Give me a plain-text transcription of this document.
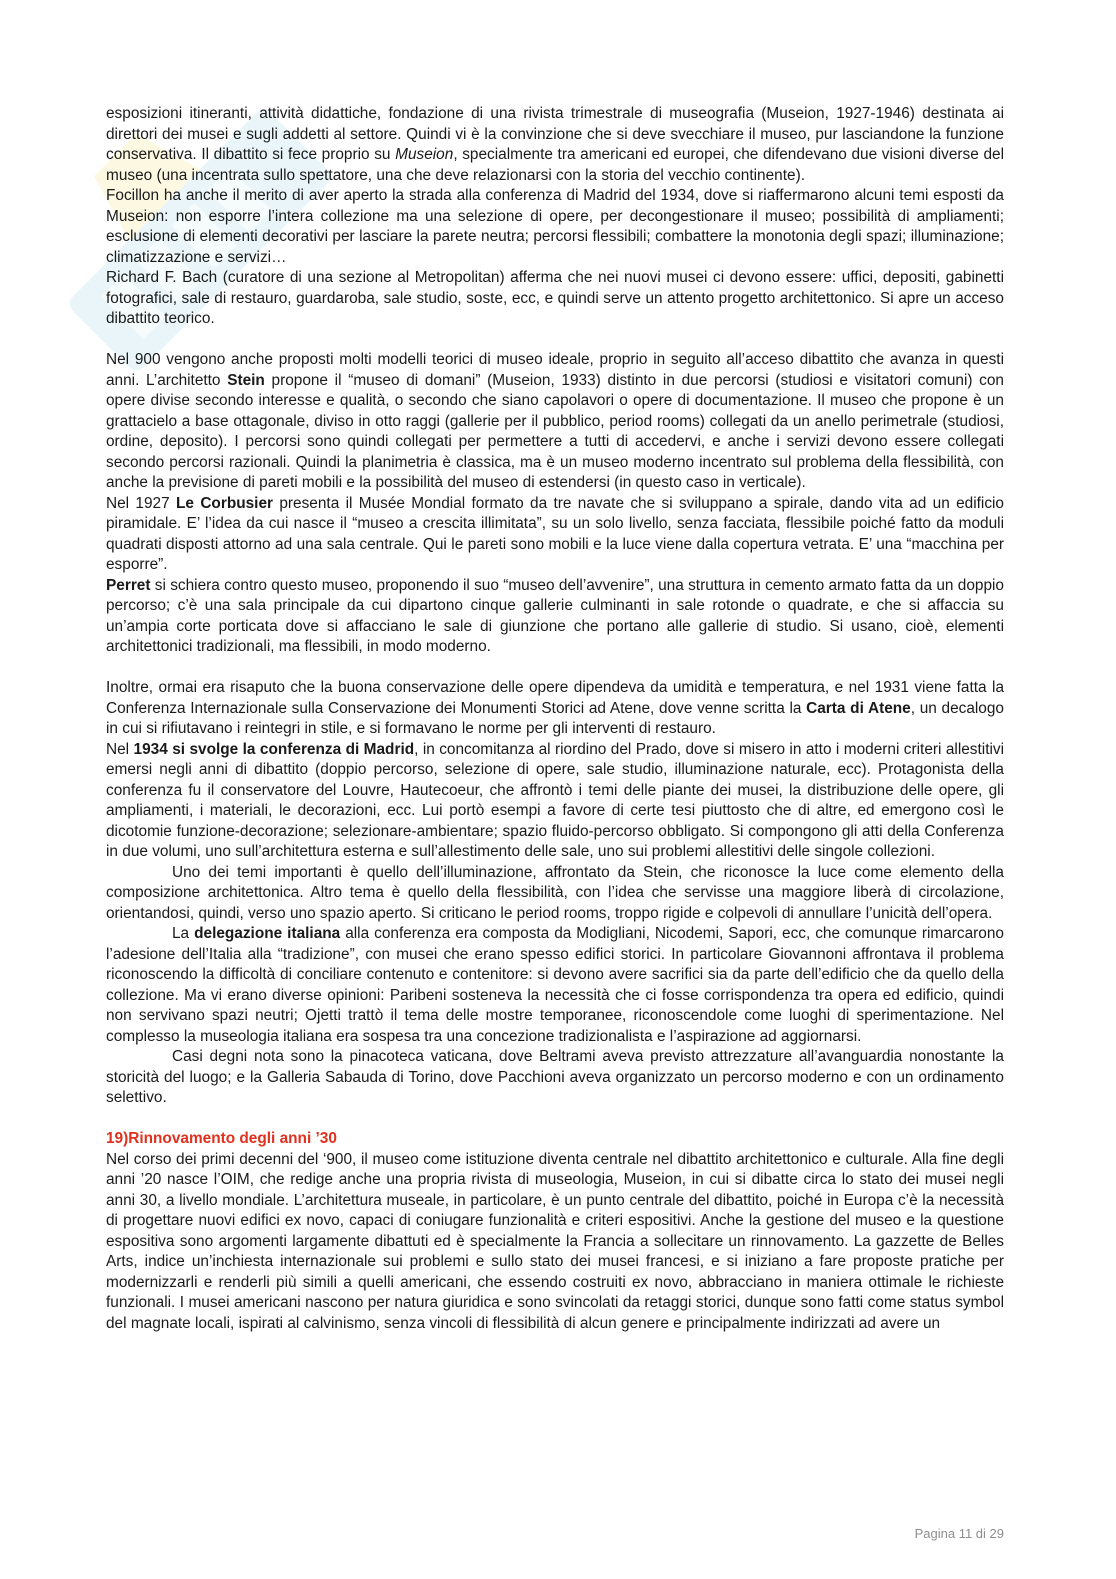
esposizioni itineranti, attività didattiche, fondazione di una rivista trimestrale di museografia (Museion, 1927-1946) destinata ai direttori dei musei e sugli addetti al settore. Quindi vi è la convinzione che si deve svecchiare il museo, pur lasciandone la funzione conservativa. Il dibattito si fece proprio su Museion, specialmente tra americani ed europei, che difendevano due visioni diverse del museo (una incentrata sullo spettatore, una che deve relazionarsi con la storia del vecchio continente).

Focillon ha anche il merito di aver aperto la strada alla conferenza di Madrid del 1934, dove si riaffermarono alcuni temi esposti da Museion: non esporre l’intera collezione ma una selezione di opere, per decongestionare il museo; possibilità di ampliamenti; esclusione di elementi decorativi per lasciare la parete neutra; percorsi flessibili; combattere la monotonia degli spazi; illuminazione; climatizzazione e servizi…

Richard F. Bach (curatore di una sezione al Metropolitan) afferma che nei nuovi musei ci devono essere: uffici, depositi, gabinetti fotografici, sale di restauro, guardaroba, sale studio, soste, ecc, e quindi serve un attento progetto architettonico. Si apre un acceso dibattito teorico.

Nel 900 vengono anche proposti molti modelli teorici di museo ideale, proprio in seguito all’acceso dibattito che avanza in questi anni. L’architetto Stein propone il “museo di domani” (Museion, 1933) distinto in due percorsi (studiosi e visitatori comuni) con opere divise secondo interesse e qualità, o secondo che siano capolavori o opere di documentazione. Il museo che propone è un grattacielo a base ottagonale, diviso in otto raggi (gallerie per il pubblico, period rooms) collegati da un anello perimetrale (studiosi, ordine, deposito). I percorsi sono quindi collegati per permettere a tutti di accedervi, e anche i servizi devono essere collegati secondo percorsi razionali. Quindi la planimetria è classica, ma è un museo moderno incentrato sul problema della flessibilità, con anche la previsione di pareti mobili e la possibilità del museo di estendersi (in questo caso in verticale).

Nel 1927 Le Corbusier presenta il Musée Mondial formato da tre navate che si sviluppano a spirale, dando vita ad un edificio piramidale. E’ l’idea da cui nasce il “museo a crescita illimitata”, su un solo livello, senza facciata, flessibile poiché fatto da moduli quadrati disposti attorno ad una sala centrale. Qui le pareti sono mobili e la luce viene dalla copertura vetrata. E’ una “macchina per esporre”.

Perret si schiera contro questo museo, proponendo il suo “museo dell’avvenire”, una struttura in cemento armato fatta da un doppio percorso; c’è una sala principale da cui dipartono cinque gallerie culminanti in sale rotonde o quadrate, e che si affaccia su un’ampia corte porticata dove si affacciano le sale di giunzione che portano alle gallerie di studio. Si usano, cioè, elementi architettonici tradizionali, ma flessibili, in modo moderno.

Inoltre, ormai era risaputo che la buona conservazione delle opere dipendeva da umidità e temperatura, e nel 1931 viene fatta la Conferenza Internazionale sulla Conservazione dei Monumenti Storici ad Atene, dove venne scritta la Carta di Atene, un decalogo in cui si rifiutavano i reintegri in stile, e si formavano le norme per gli interventi di restauro.

Nel 1934 si svolge la conferenza di Madrid, in concomitanza al riordino del Prado, dove si misero in atto i moderni criteri allestitivi emersi negli anni di dibattito (doppio percorso, selezione di opere, sale studio, illuminazione naturale, ecc). Protagonista della conferenza fu il conservatore del Louvre, Hautecoeur, che affrontò i temi delle piante dei musei, la distribuzione delle opere, gli ampliamenti, i materiali, le decorazioni, ecc. Lui portò esempi a favore di certe tesi piuttosto che di altre, ed emergono così le dicotomie funzione-decorazione; selezionare-ambientare; spazio fluido-percorso obbligato. Si compongono gli atti della Conferenza in due volumi, uno sull’architettura esterna e sull’allestimento delle sale, uno sui problemi allestitivi delle singole collezioni.

Uno dei temi importanti è quello dell’illuminazione, affrontato da Stein, che riconosce la luce come elemento della composizione architettonica. Altro tema è quello della flessibilità, con l’idea che servisse una maggiore liberà di circolazione, orientandosi, quindi, verso uno spazio aperto. Si criticano le period rooms, troppo rigide e colpevoli di annullare l’unicità dell’opera.

La delegazione italiana alla conferenza era composta da Modigliani, Nicodemi, Sapori, ecc, che comunque rimarcarono l’adesione dell’Italia alla “tradizione”, con musei che erano spesso edifici storici. In particolare Giovannoni affrontava il problema riconoscendo la difficoltà di conciliare contenuto e contenitore: si devono avere sacrifici sia da parte dell’edificio che da quello della collezione. Ma vi erano diverse opinioni: Paribeni sosteneva la necessità che ci fosse corrispondenza tra opera ed edificio, quindi non servivano spazi neutri; Ojetti trattò il tema delle mostre temporanee, riconoscendole come luoghi di sperimentazione. Nel complesso la museologia italiana era sospesa tra una concezione tradizionalista e l’aspirazione ad aggiornarsi.

Casi degni nota sono la pinacoteca vaticana, dove Beltrami aveva previsto attrezzature all’avanguardia nonostante la storicità del luogo; e la Galleria Sabauda di Torino, dove Pacchioni aveva organizzato un percorso moderno e con un ordinamento selettivo.

19)Rinnovamento degli anni ’30

Nel corso dei primi decenni del ‘900, il museo come istituzione diventa centrale nel dibattito architettonico e culturale. Alla fine degli anni ’20 nasce l’OIM, che redige anche una propria rivista di museologia, Museion, in cui si dibatte circa lo stato dei musei negli anni 30, a livello mondiale. L’architettura museale, in particolare, è un punto centrale del dibattito, poiché in Europa c’è la necessità di progettare nuovi edifici ex novo, capaci di coniugare funzionalità e criteri espositivi. Anche la gestione del museo e la questione espositiva sono argomenti largamente dibattuti ed è specialmente la Francia a sollecitare un rinnovamento. La gazzette de Belles Arts, indice un’inchiesta internazionale sui problemi e sullo stato dei musei francesi, e si iniziano a fare proposte pratiche per modernizzarli e renderli più simili a quelli americani, che essendo costruiti ex novo, abbracciano in maniera ottimale le richieste funzionali. I musei americani nascono per natura giuridica e sono svincolati da retaggi storici, dunque sono fatti come status symbol del magnate locali, ispirati al calvinismo, senza vincoli di flessibilità di alcun genere e principalmente indirizzati ad avere un

Pagina 11 di 29
